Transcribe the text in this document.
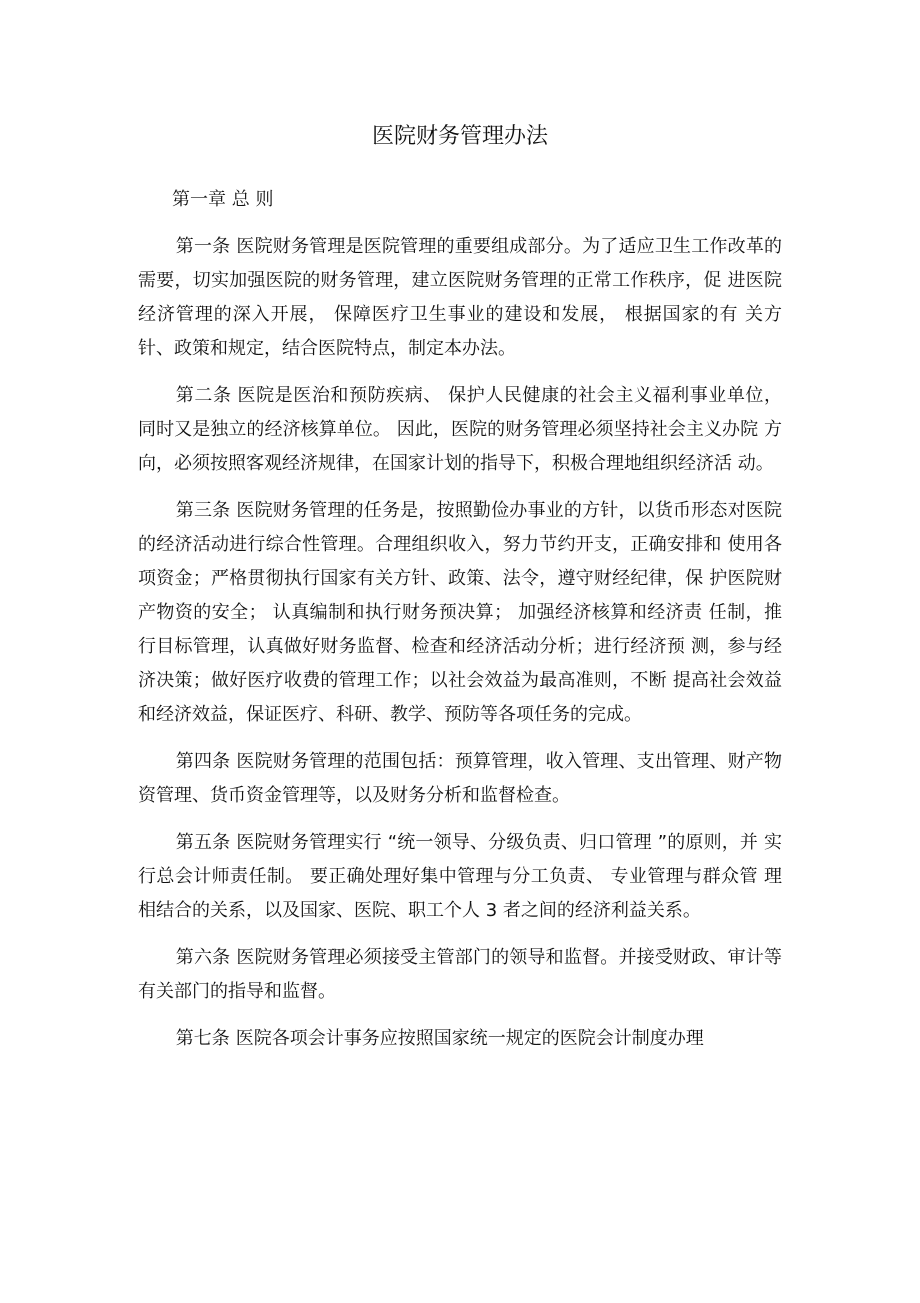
医院财务管理办法
第一章 总 则

第一条 医院财务管理是医院管理的重要组成部分。为了适应卫生工作改革的需要，切实加强医院的财务管理，建立医院财务管理的正常工作秩序，促 进医院经济管理的深入开展， 保障医疗卫生事业的建设和发展， 根据国家的有 关方针、政策和规定，结合医院特点，制定本办法。

第二条 医院是医治和预防疾病、 保护人民健康的社会主义福利事业单位， 同时又是独立的经济核算单位。 因此，医院的财务管理必须坚持社会主义办院 方向，必须按照客观经济规律，在国家计划的指导下，积极合理地组织经济活 动。

第三条 医院财务管理的任务是，按照勤俭办事业的方针，以货币形态对医院的经济活动进行综合性管理。合理组织收入，努力节约开支，正确安排和 使用各项资金；严格贯彻执行国家有关方针、政策、法令，遵守财经纪律，保 护医院财产物资的安全； 认真编制和执行财务预决算； 加强经济核算和经济责 任制，推行目标管理，认真做好财务监督、检查和经济活动分析；进行经济预 测，参与经济决策；做好医疗收费的管理工作；以社会效益为最高准则，不断 提高社会效益和经济效益，保证医疗、科研、教学、预防等各项任务的完成。

第四条 医院财务管理的范围包括：预算管理，收入管理、支出管理、财产物资管理、货币资金管理等，以及财务分析和监督检查。

第五条 医院财务管理实行 “统一领导、分级负责、归口管理 ”的原则，并 实行总会计师责任制。 要正确处理好集中管理与分工负责、 专业管理与群众管 理相结合的关系，以及国家、医院、职工个人 3 者之间的经济利益关系。

第六条 医院财务管理必须接受主管部门的领导和监督。并接受财政、审计等有关部门的指导和监督。

第七条 医院各项会计事务应按照国家统一规定的医院会计制度办理
